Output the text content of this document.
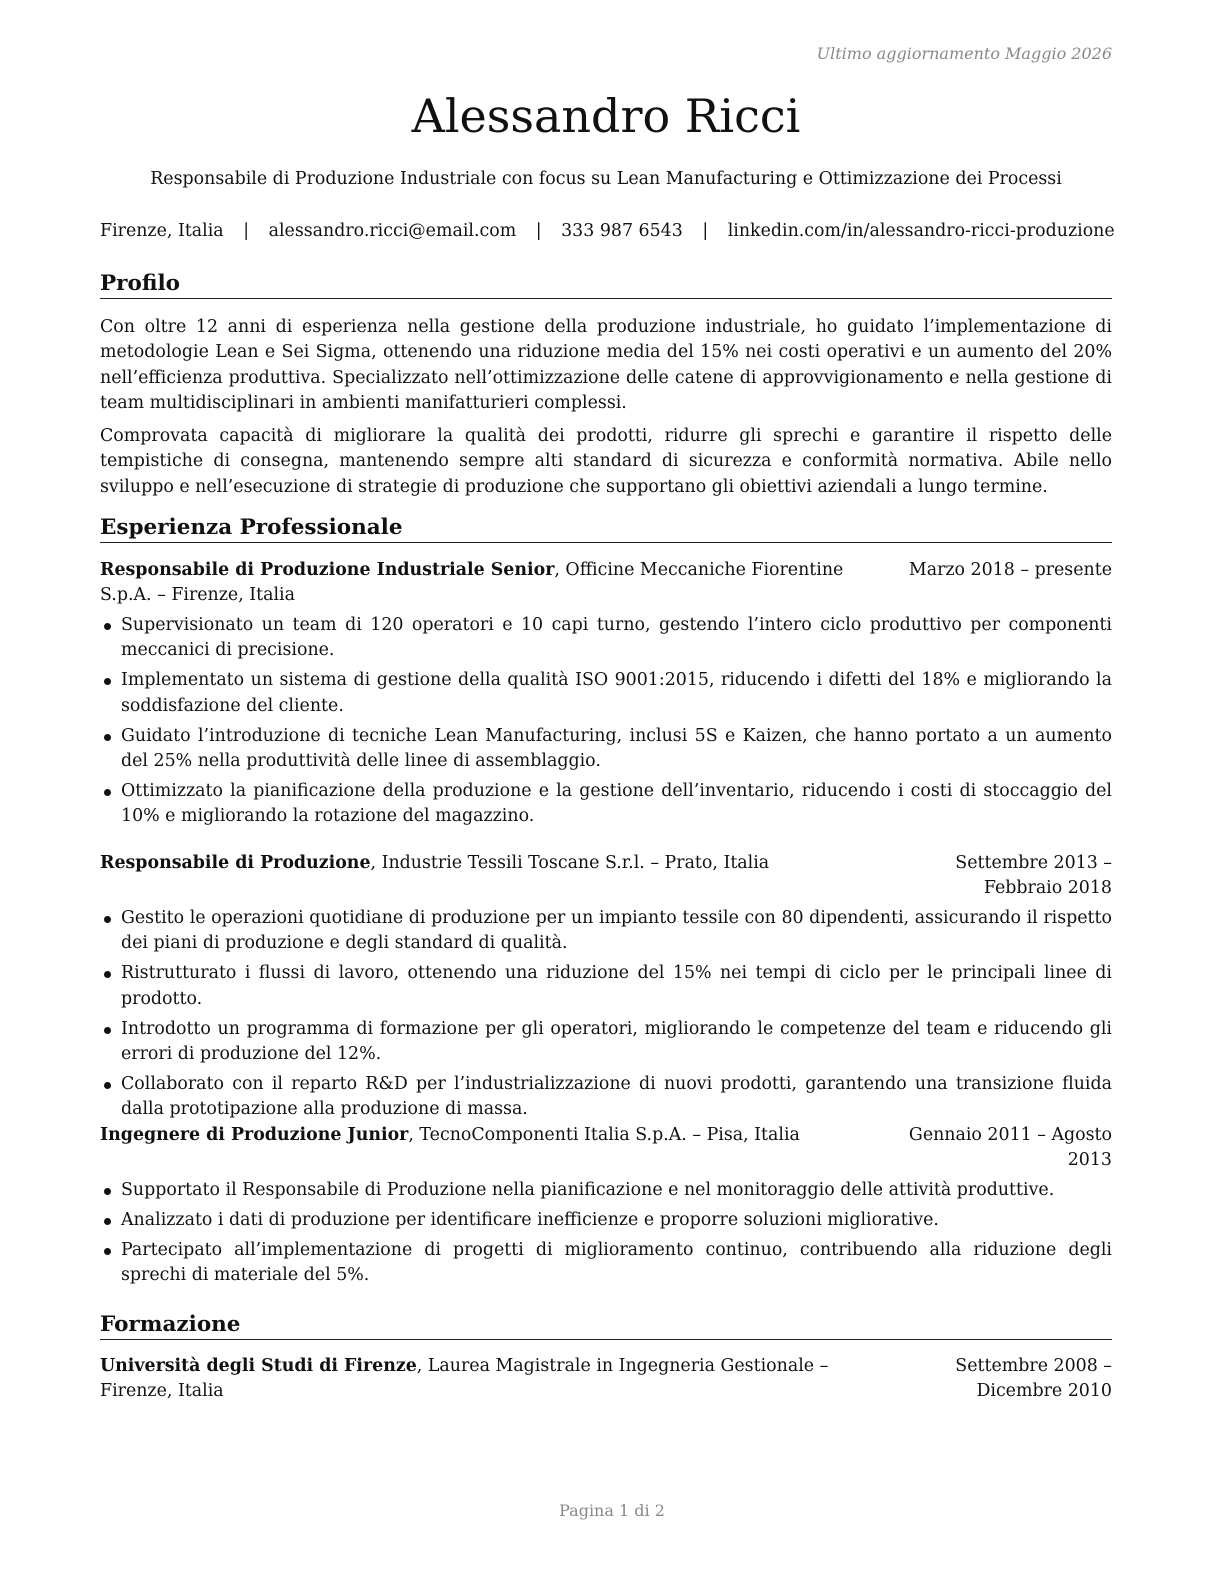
Ultimo aggiornamento Maggio 2026
Alessandro Ricci
Responsabile di Produzione Industriale con focus su Lean Manufacturing e Ottimizzazione dei Processi
Firenze, Italia | alessandro.ricci@email.com | 333 987 6543 | linkedin.com/in/alessandro-ricci-produzione
Profilo

Con oltre 12 anni di esperienza nella gestione della produzione industriale, ho guidato l’implementazione di metodologie Lean e Sei Sigma, ottenendo una riduzione media del 15% nei costi operativi e un aumento del 20% nell’efficienza produttiva. Specializzato nell’ottimizzazione delle catene di approvvigionamento e nella gestione di team multidisciplinari in ambienti manifatturieri complessi.

Comprovata capacità di migliorare la qualità dei prodotti, ridurre gli sprechi e garantire il rispetto delle tempistiche di consegna, mantenendo sempre alti standard di sicurezza e conformità normativa. Abile nello sviluppo e nell’esecuzione di strategie di produzione che supportano gli obiettivi aziendali a lungo termine.

Esperienza Professionale
Responsabile di Produzione Industriale Senior, Officine Meccaniche Fiorentine S.p.A. – Firenze, Italia
Marzo 2018 – presente
Supervisionato un team di 120 operatori e 10 capi turno, gestendo l’intero ciclo produttivo per componenti meccanici di precisione.
Implementato un sistema di gestione della qualità ISO 9001:2015, riducendo i difetti del 18% e migliorando la soddisfazione del cliente.
Guidato l’introduzione di tecniche Lean Manufacturing, inclusi 5S e Kaizen, che hanno portato a un aumento del 25% nella produttività delle linee di assemblaggio.
Ottimizzato la pianificazione della produzione e la gestione dell’inventario, riducendo i costi di stoccaggio del 10% e migliorando la rotazione del magazzino.
Responsabile di Produzione, Industrie Tessili Toscane S.r.l. – Prato, Italia	Settembre 2013 – Febbraio 2018
Gestito le operazioni quotidiane di produzione per un impianto tessile con 80 dipendenti, assicurando il rispetto dei piani di produzione e degli standard di qualità.
Ristrutturato i flussi di lavoro, ottenendo una riduzione del 15% nei tempi di ciclo per le principali linee di prodotto.
Introdotto un programma di formazione per gli operatori, migliorando le competenze del team e riducendo gli errori di produzione del 12%.
Collaborato con il reparto R&D per l’industrializzazione di nuovi prodotti, garantendo una transizione fluida dalla prototipazione alla produzione di massa.
Ingegnere di Produzione Junior, TecnoComponenti Italia S.p.A. – Pisa, Italia	Gennaio 2011 – Agosto 2013
Supportato il Responsabile di Produzione nella pianificazione e nel monitoraggio delle attività produttive.
Analizzato i dati di produzione per identificare inefficienze e proporre soluzioni migliorative.
Partecipato all’implementazione di progetti di miglioramento continuo, contribuendo alla riduzione degli sprechi di materiale del 5%.
Formazione
Università degli Studi di Firenze, Laurea Magistrale in Ingegneria Gestionale – Firenze, Italia
Settembre 2008 – Dicembre 2010
Pagina 1 di 2
